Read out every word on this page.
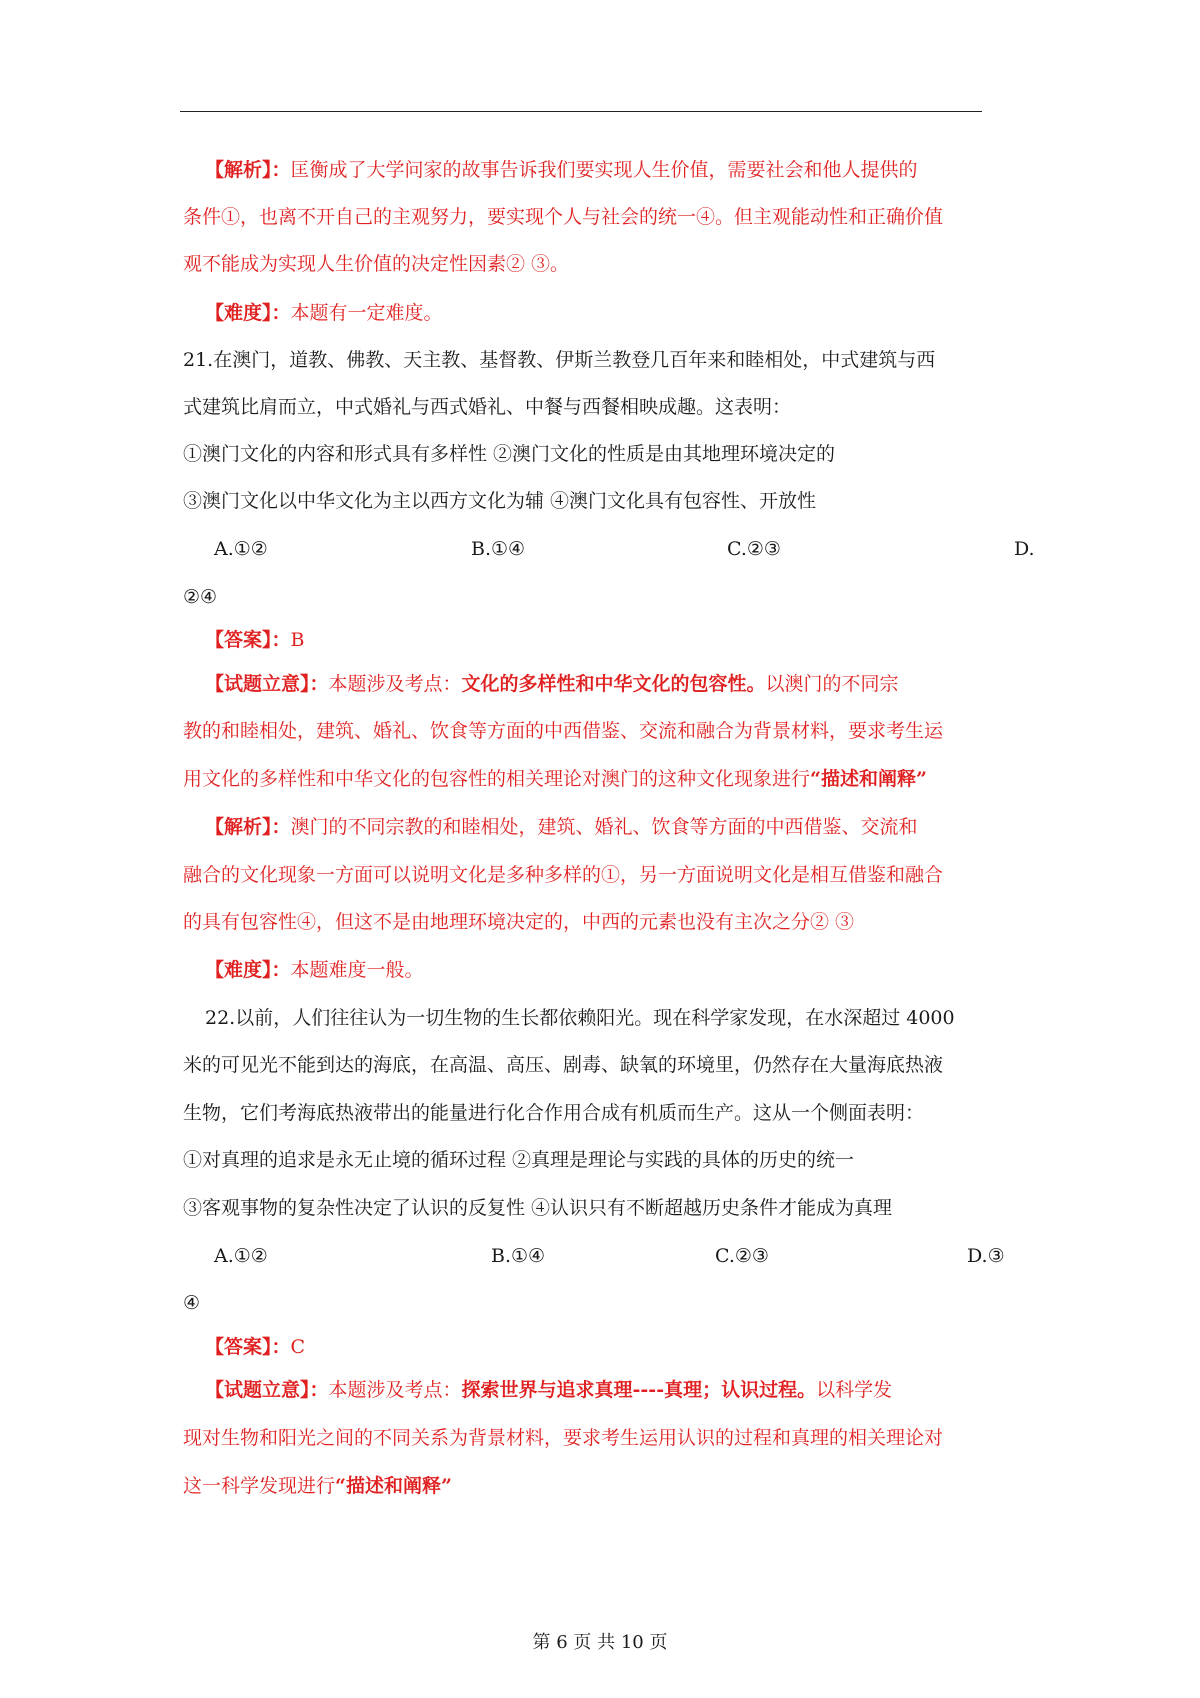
【解析】：匡衡成了大学问家的故事告诉我们要实现人生价值，需要社会和他人提供的
条件①，也离不开自己的主观努力，要实现个人与社会的统一④。但主观能动性和正确价值
观不能成为实现人生价值的决定性因素② ③。
【难度】：本题有一定难度。
21.在澳门，道教、佛教、天主教、基督教、伊斯兰教登几百年来和睦相处，中式建筑与西
式建筑比肩而立，中式婚礼与西式婚礼、中餐与西餐相映成趣。这表明：
①澳门文化的内容和形式具有多样性 ②澳门文化的性质是由其地理环境决定的
③澳门文化以中华文化为主以西方文化为辅 ④澳门文化具有包容性、开放性
A.①②	B.①④	C.②③	D.
②④
【答案】：B
【试题立意】：本题涉及考点：文化的多样性和中华文化的包容性。以澳门的不同宗
教的和睦相处，建筑、婚礼、饮食等方面的中西借鉴、交流和融合为背景材料，要求考生运
用文化的多样性和中华文化的包容性的相关理论对澳门的这种文化现象进行“描述和阐释”
【解析】：澳门的不同宗教的和睦相处，建筑、婚礼、饮食等方面的中西借鉴、交流和
融合的文化现象一方面可以说明文化是多种多样的①，另一方面说明文化是相互借鉴和融合
的具有包容性④，但这不是由地理环境决定的，中西的元素也没有主次之分② ③
【难度】：本题难度一般。
22.以前，人们往往认为一切生物的生长都依赖阳光。现在科学家发现，在水深超过 4000
米的可见光不能到达的海底，在高温、高压、剧毒、缺氧的环境里，仍然存在大量海底热液
生物，它们考海底热液带出的能量进行化合作用合成有机质而生产。这从一个侧面表明：
①对真理的追求是永无止境的循环过程 ②真理是理论与实践的具体的历史的统一
③客观事物的复杂性决定了认识的反复性 ④认识只有不断超越历史条件才能成为真理
A.①②	B.①④	C.②③	D.③
④
【答案】：C
【试题立意】：本题涉及考点：探索世界与追求真理----真理；认识过程。以科学发
现对生物和阳光之间的不同关系为背景材料，要求考生运用认识的过程和真理的相关理论对
这一科学发现进行“描述和阐释”
第 6 页 共 10 页
